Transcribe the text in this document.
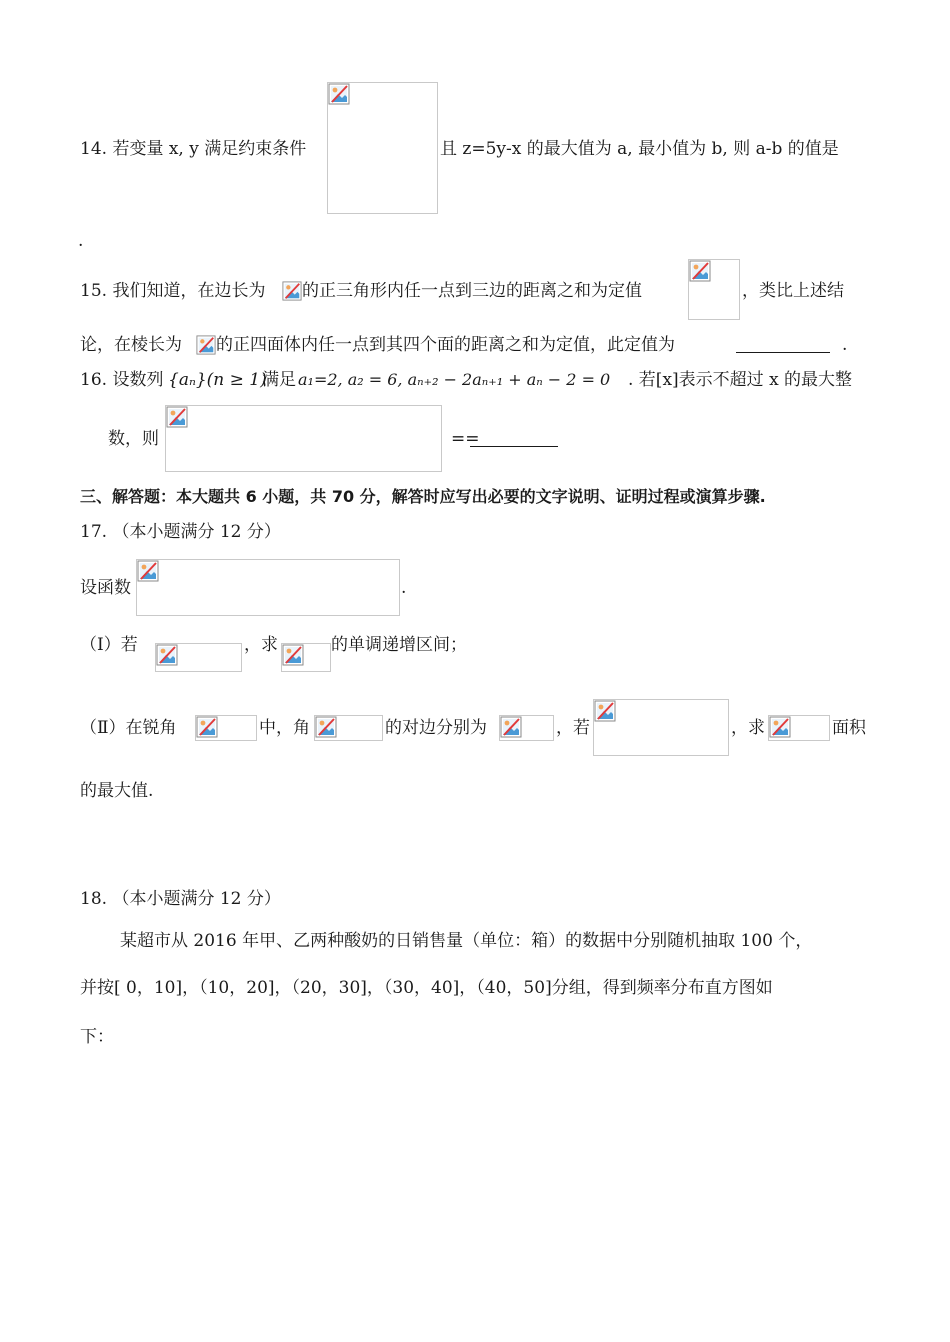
14. 若变量 x, y 满足约束条件	且 z=5y-x 的最大值为 a, 最小值为 b, 则 a-b 的值是
.
15. 我们知道，在边长为 的正三角形内任一点到三边的距离之和为定值	，类比上述结
论，在棱长为 的正四面体内任一点到其四个面的距离之和为定值，此定值为	.
16. 设数列 {aₙ}(n ≥ 1)
满足 a₁=2, a₂ = 6, aₙ₊₂ − 2aₙ₊₁ + aₙ − 2 = 0 . 若[x]表示不超过 x 的最大整
数，则	==
三、解答题：本大题共 6 小题，共 70 分，解答时应写出必要的文字说明、证明过程或演算步骤.
17. （本小题满分 12 分）
设函数	.
（Ⅰ）若	，求	的单调递增区间；
（Ⅱ）在锐角	中，角	的对边分别为	，若	，求	面积
的最大值.
18. （本小题满分 12 分）
某超市从 2016 年甲、乙两种酸奶的日销售量（单位：箱）的数据中分别随机抽取 100 个，
并按[ 0，10]，（10，20]，（20，30]，（30，40]，（40，50]分组，得到频率分布直方图如
下：
